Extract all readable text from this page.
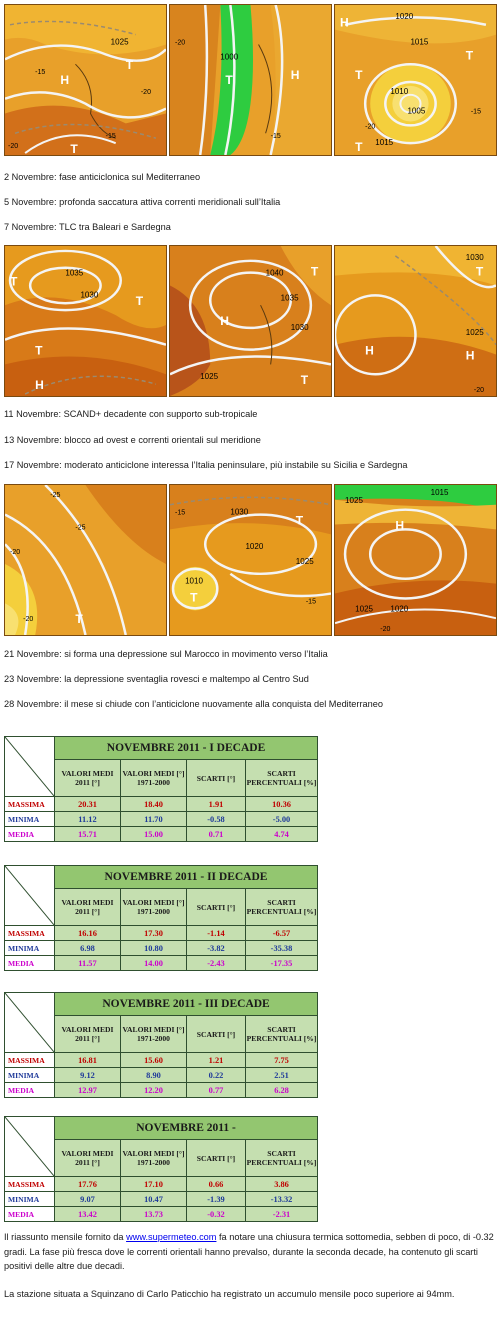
1025
-15
-20
-15
-20
H
T
T
1000
-15
T	H
-20
1020
1015
1010
1005
1015
-20
-15
H
T
T
T
2 Novembre: fase anticiclonica sul Mediterraneo
5 Novembre: profonda saccatura attiva correnti meridionali sull’Italia
7 Novembre: TLC tra Baleari e Sardegna
1035
1030
T
T
T
H
1040
1035
1030
1025
H
T
T
1030
1025
T
H	H
-20
11 Novembre: SCAND+ decadente con supporto sub-tropicale
13 Novembre: blocco ad ovest e correnti orientali sul meridione
17 Novembre: moderato anticiclone interessa l’Italia peninsulare, più instabile su Sicilia e Sardegna
-25
-20
-20
-25
T
1030
1020
1025
1010
T
T
-15
-15
1025
1015
1025 1020
H
-20
21 Novembre: si forma una depressione sul Marocco in movimento verso l’Italia
23 Novembre: la depressione sventaglia rovesci e maltempo al Centro Sud
28 Novembre: il mese si chiude con l’anticiclone nuovamente alla conquista del Mediterraneo
	NOVEMBRE 2011 - I DECADE			
	VALORI MEDI 2011 [°]	VALORI MEDI [°] 1971-2000	SCARTI [°]	SCARTI PERCENTUALI [%]
MASSIMA	20.31	18.40	1.91	10.36
MINIMA	11.12	11.70	-0.58	-5.00
MEDIA	15.71	15.00	0.71	4.74
	NOVEMBRE 2011 - II DECADE			
	VALORI MEDI 2011 [°]	VALORI MEDI [°] 1971-2000	SCARTI [°]	SCARTI PERCENTUALI [%]
MASSIMA	16.16	17.30	-1.14	-6.57
MINIMA	6.98	10.80	-3.82	-35.38
MEDIA	11.57	14.00	-2.43	-17.35
	NOVEMBRE 2011 - III DECADE			
	VALORI MEDI 2011 [°]	VALORI MEDI [°] 1971-2000	SCARTI [°]	SCARTI PERCENTUALI [%]
MASSIMA	16.81	15.60	1.21	7.75
MINIMA	9.12	8.90	0.22	2.51
MEDIA	12.97	12.20	0.77	6.28
	NOVEMBRE 2011 -			
	VALORI MEDI 2011 [°]	VALORI MEDI [°] 1971-2000	SCARTI [°]	SCARTI PERCENTUALI [%]
MASSIMA	17.76	17.10	0.66	3.86
MINIMA	9.07	10.47	-1.39	-13.32
MEDIA	13.42	13.73	-0.32	-2.31
Il riassunto mensile fornito da www.supermeteo.com fa notare una chiusura termica sottomedia, sebben di poco, di -0.32 gradi. La fase più fresca dove le correnti orientali hanno prevalso, durante la seconda decade, ha contenuto gli scarti positivi delle altre due decadi.
La stazione situata a Squinzano di Carlo Paticchio ha registrato un accumulo mensile poco superiore ai 94mm.
